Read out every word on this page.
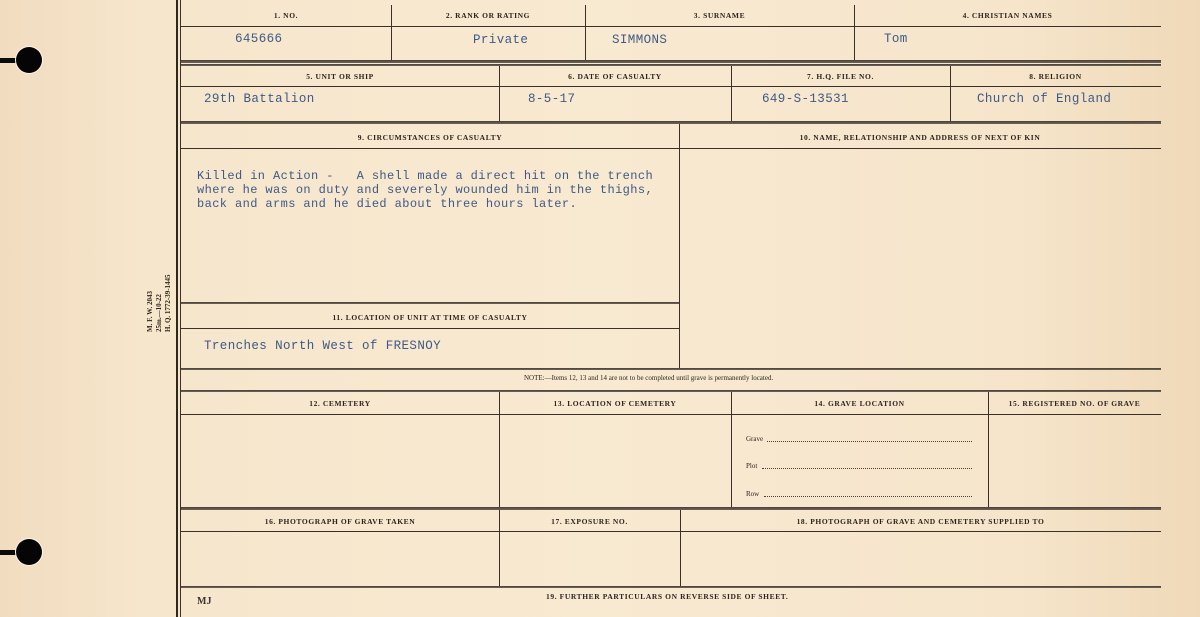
M. F. W. 2043 25m.—10-22 H. Q. 1772-39-1445
1. NO.
645666
2. RANK OR RATING
Private
3. SURNAME
SIMMONS
4. CHRISTIAN NAMES
Tom
5. UNIT OR SHIP
29th Battalion
6. DATE OF CASUALTY
8-5-17
7. H.Q. FILE NO.
649-S-13531
8. RELIGION
Church of England
9. CIRCUMSTANCES OF CASUALTY
Killed in Action -   A shell made a direct hit on the trench
where he was on duty and severely wounded him in the thighs,
back and arms and he died about three hours later.
10. NAME, RELATIONSHIP AND ADDRESS OF NEXT OF KIN
11. LOCATION OF UNIT AT TIME OF CASUALTY
Trenches North West of FRESNOY
NOTE:—Items 12, 13 and 14 are not to be completed until grave is permanently located.
12. CEMETERY	13. LOCATION OF CEMETERY	14. GRAVE LOCATION	15. REGISTERED NO. OF GRAVE
Grave
Plot
Row
16. PHOTOGRAPH OF GRAVE TAKEN	17. EXPOSURE NO.	18. PHOTOGRAPH OF GRAVE AND CEMETERY SUPPLIED TO
MJ	19. FURTHER PARTICULARS ON REVERSE SIDE OF SHEET.
